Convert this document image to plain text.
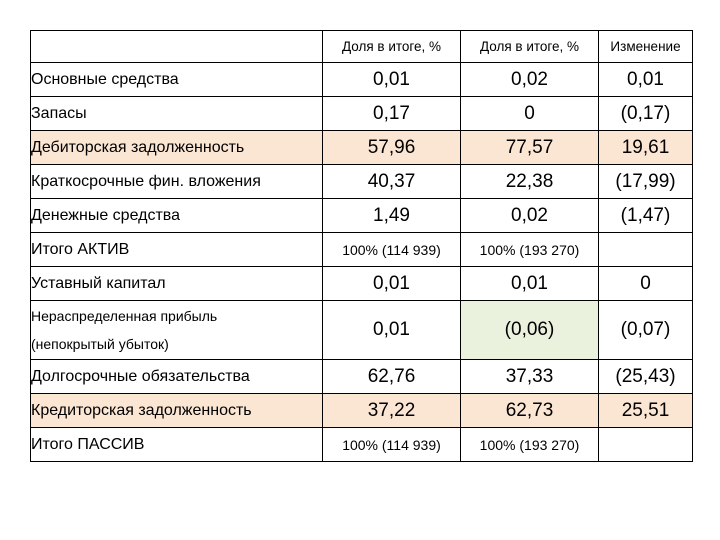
	Доля в итоге, %	Доля в итоге, %	Изменение
Основные средства	0,01	0,02	0,01
Запасы	0,17	0	(0,17)
Дебиторская задолженность	57,96	77,57	19,61
Краткосрочные фин. вложения	40,37	22,38	(17,99)
Денежные средства	1,49	0,02	(1,47)
Итого АКТИВ	100% (114 939)	100% (193 270)	
Уставный капитал	0,01	0,01	0
Нераспределенная прибыль
(непокрытый убыток)	0,01	(0,06)	(0,07)
Долгосрочные обязательства	62,76	37,33	(25,43)
Кредиторская задолженность	37,22	62,73	25,51
Итого ПАССИВ	100% (114 939)	100% (193 270)	
